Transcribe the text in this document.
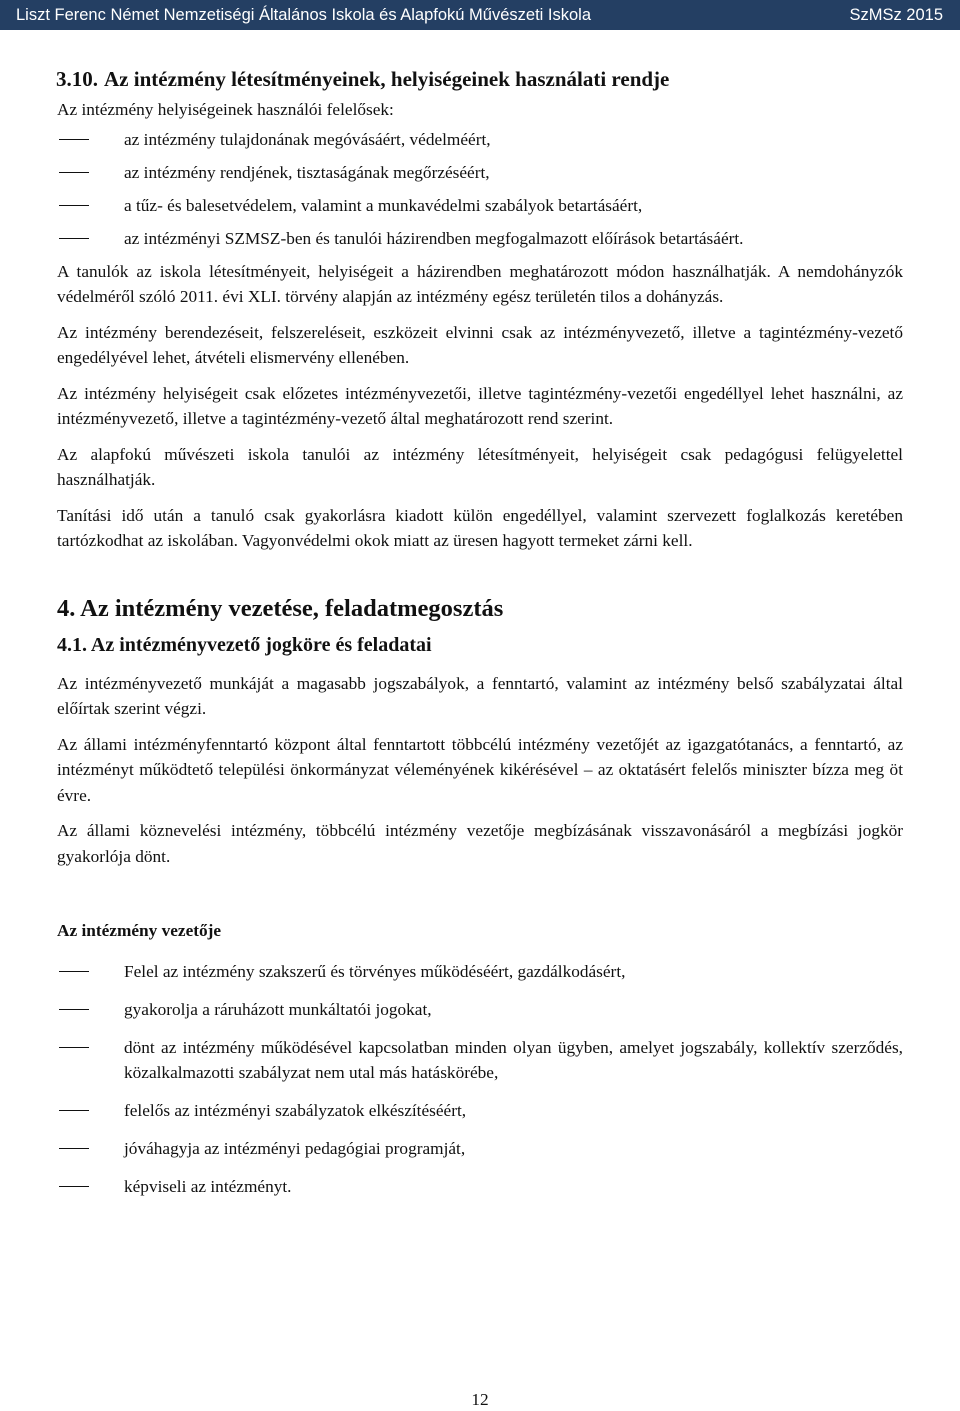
Liszt Ferenc Német Nemzetiségi Általános Iskola és Alapfokú Művészeti Iskola	SzMSz 2015
3.10. Az intézmény létesítményeinek, helyiségeinek használati rendje

Az intézmény helyiségeinek használói felelősek:

az intézmény tulajdonának megóvásáért, védelméért,
az intézmény rendjének, tisztaságának megőrzéséért,
a tűz- és balesetvédelem, valamint a munkavédelmi szabályok betartásáért,
az intézményi SZMSZ-ben és tanulói házirendben megfogalmazott előírások betartásáért.

A tanulók az iskola létesítményeit, helyiségeit a házirendben meghatározott módon használhatják. A nemdohányzók védelméről szóló 2011. évi XLI. törvény alapján az intézmény egész területén tilos a dohányzás.

Az intézmény berendezéseit, felszereléseit, eszközeit elvinni csak az intézményvezető, illetve a tagintézmény-vezető engedélyével lehet, átvételi elismervény ellenében.

Az intézmény helyiségeit csak előzetes intézményvezetői, illetve tagintézmény-vezetői engedéllyel lehet használni, az intézményvezető, illetve a tagintézmény-vezető által meghatározott rend szerint.

Az alapfokú művészeti iskola tanulói az intézmény létesítményeit, helyiségeit csak pedagógusi felügyelettel használhatják.

Tanítási idő után a tanuló csak gyakorlásra kiadott külön engedéllyel, valamint szervezett foglalkozás keretében tartózkodhat az iskolában. Vagyonvédelmi okok miatt az üresen hagyott termeket zárni kell.

4. Az intézmény vezetése, feladatmegosztás
4.1. Az intézményvezető jogköre és feladatai

Az intézményvezető munkáját a magasabb jogszabályok, a fenntartó, valamint az intézmény belső szabályzatai által előírtak szerint végzi.

Az állami intézményfenntartó központ által fenntartott többcélú intézmény vezetőjét az igazgatótanács, a fenntartó, az intézményt működtető települési önkormányzat véleményének kikérésével – az oktatásért felelős miniszter bízza meg öt évre.

Az állami köznevelési intézmény, többcélú intézmény vezetője megbízásának visszavonásáról a megbízási jogkör gyakorlója dönt.

Az intézmény vezetője
Felel az intézmény szakszerű és törvényes működéséért, gazdálkodásért,
gyakorolja a ráruházott munkáltatói jogokat,
dönt az intézmény működésével kapcsolatban minden olyan ügyben, amelyet jogszabály, kollektív szerződés, közalkalmazotti szabályzat nem utal más hatáskörébe,
felelős az intézményi szabályzatok elkészítéséért,
jóváhagyja az intézményi pedagógiai programját,
képviseli az intézményt.
12
